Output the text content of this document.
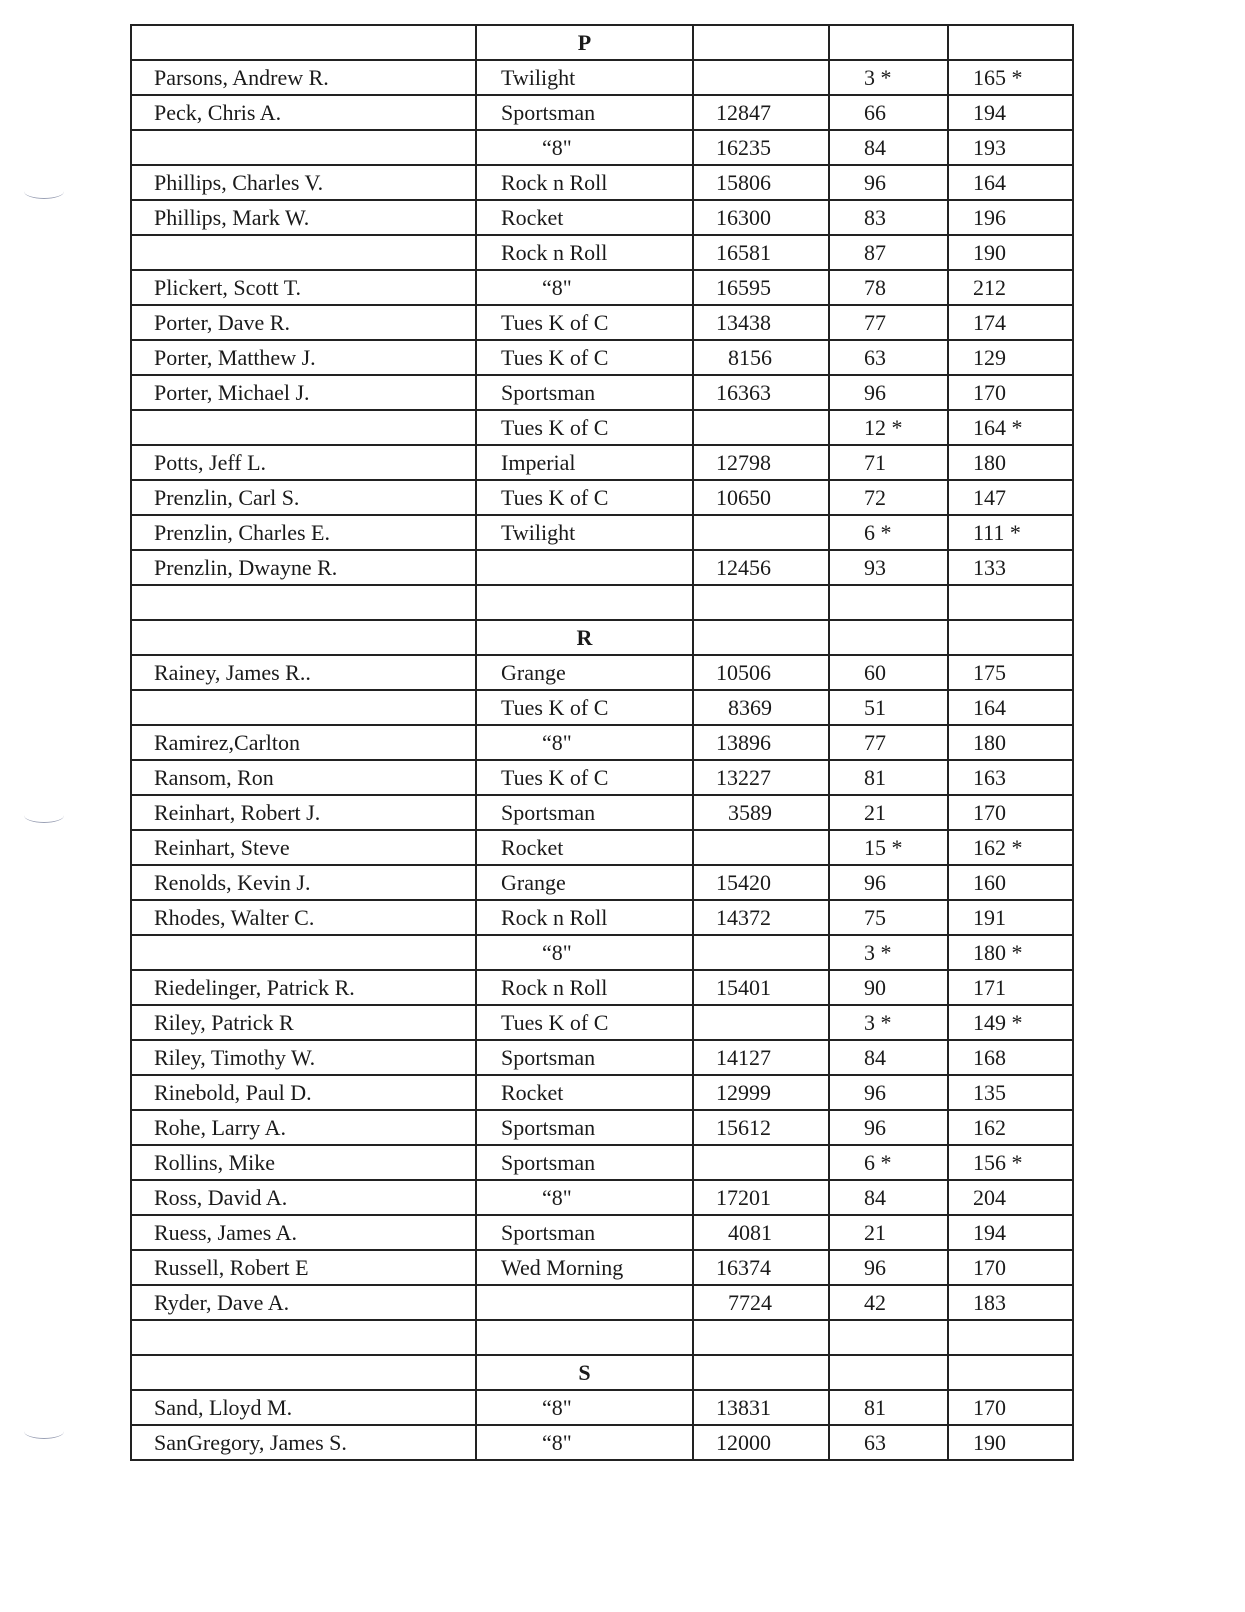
	P			
Parsons, Andrew R.	Twilight		3 *	165 *
Peck, Chris A.	Sportsman	12847	66	194
	“8"	16235	84	193
Phillips, Charles V.	Rock n Roll	15806	96	164
Phillips, Mark W.	Rocket	16300	83	196
	Rock n Roll	16581	87	190
Plickert, Scott T.	“8"	16595	78	212
Porter, Dave R.	Tues K of C	13438	77	174
Porter, Matthew J.	Tues K of C	8156	63	129
Porter, Michael J.	Sportsman	16363	96	170
	Tues K of C		12 *	164 *
Potts, Jeff L.	Imperial	12798	71	180
Prenzlin, Carl S.	Tues K of C	10650	72	147
Prenzlin, Charles E.	Twilight		6 *	111 *
Prenzlin, Dwayne R.		12456	93	133

	R			
Rainey, James R..	Grange	10506	60	175
	Tues K of C	8369	51	164
Ramirez,Carlton	“8"	13896	77	180
Ransom, Ron	Tues K of C	13227	81	163
Reinhart, Robert J.	Sportsman	3589	21	170
Reinhart, Steve	Rocket		15 *	162 *
Renolds, Kevin J.	Grange	15420	96	160
Rhodes, Walter C.	Rock n Roll	14372	75	191
	“8"		3 *	180 *
Riedelinger, Patrick R.	Rock n Roll	15401	90	171
Riley, Patrick R	Tues K of C		3 *	149 *
Riley, Timothy W.	Sportsman	14127	84	168
Rinebold, Paul D.	Rocket	12999	96	135
Rohe, Larry A.	Sportsman	15612	96	162
Rollins, Mike	Sportsman		6 *	156 *
Ross, David A.	“8"	17201	84	204
Ruess, James A.	Sportsman	4081	21	194
Russell, Robert E	Wed Morning	16374	96	170
Ryder, Dave A.		7724	42	183

	S			
Sand, Lloyd M.	“8"	13831	81	170
SanGregory, James S.	“8"	12000	63	190
